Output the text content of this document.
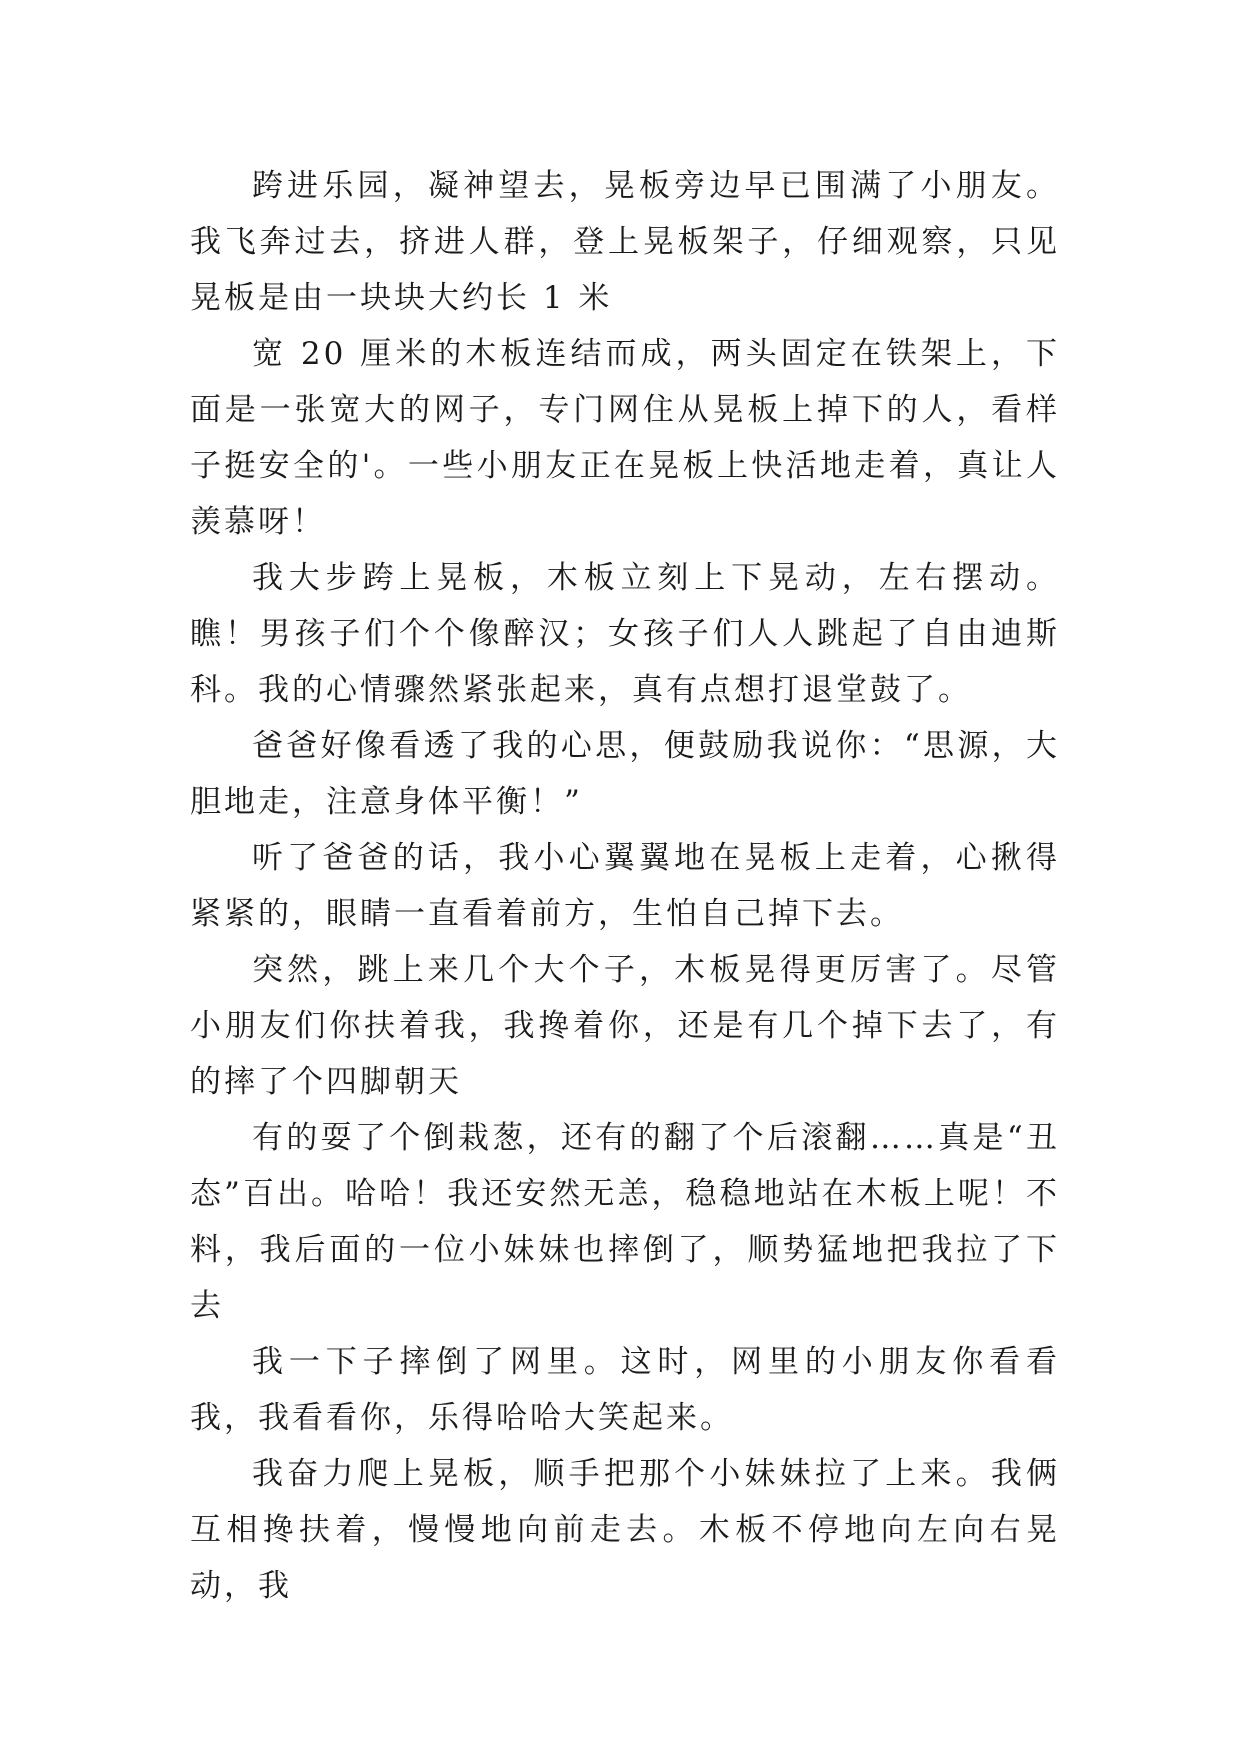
跨进乐园，凝神望去，晃板旁边早已围满了小朋友。我飞奔过去，挤进人群，登上晃板架子，仔细观察，只见晃板是由一块块大约长 1 米

宽 20 厘米的木板连结而成，两头固定在铁架上，下面是一张宽大的网子，专门网住从晃板上掉下的人，看样子挺安全的'。一些小朋友正在晃板上快活地走着，真让人羡慕呀！

我大步跨上晃板，木板立刻上下晃动，左右摆动。瞧！男孩子们个个像醉汉；女孩子们人人跳起了自由迪斯科。我的心情骤然紧张起来，真有点想打退堂鼓了。

爸爸好像看透了我的心思，便鼓励我说你：“思源，大胆地走，注意身体平衡！”

听了爸爸的话，我小心翼翼地在晃板上走着，心揪得紧紧的，眼睛一直看着前方，生怕自己掉下去。

突然，跳上来几个大个子，木板晃得更厉害了。尽管小朋友们你扶着我，我搀着你，还是有几个掉下去了，有的摔了个四脚朝天

有的耍了个倒栽葱，还有的翻了个后滚翻……真是“丑态”百出。哈哈！我还安然无恙，稳稳地站在木板上呢！不料，我后面的一位小妹妹也摔倒了，顺势猛地把我拉了下去

我一下子摔倒了网里。这时，网里的小朋友你看看我，我看看你，乐得哈哈大笑起来。

我奋力爬上晃板，顺手把那个小妹妹拉了上来。我俩互相搀扶着，慢慢地向前走去。木板不停地向左向右晃动，我
